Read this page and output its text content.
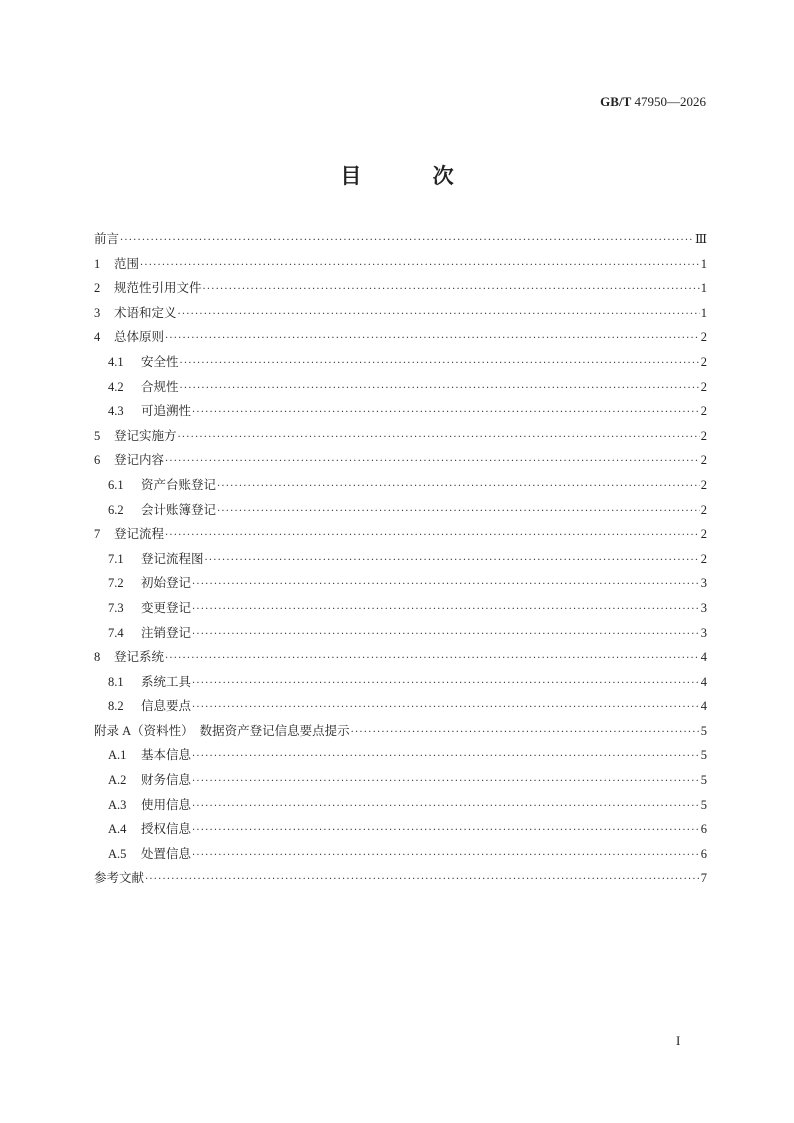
GB/T 47950—2026
目 次
前言 ·····	Ⅲ
1 范围 ·····	1
2 规范性引用文件 ·····	1
3 术语和定义 ·····	1
4 总体原则 ·····	2
4.1 安全性 ·····	2
4.2 合规性 ·····	2
4.3 可追溯性 ·····	2
5 登记实施方 ·····	2
6 登记内容 ·····	2
6.1 资产台账登记 ·····	2
6.2 会计账簿登记 ·····	2
7 登记流程 ·····	2
7.1 登记流程图 ·····	2
7.2 初始登记 ·····	3
7.3 变更登记 ·····	3
7.4 注销登记 ·····	3
8 登记系统 ·····	4
8.1 系统工具 ·····	4
8.2 信息要点 ·····	4
附录 A（资料性） 数据资产登记信息要点提示 ·····	5
A.1 基本信息 ·····	5
A.2 财务信息 ·····	5
A.3 使用信息 ·····	5
A.4 授权信息 ·····	6
A.5 处置信息 ·····	6
参考文献 ·····	7
I
